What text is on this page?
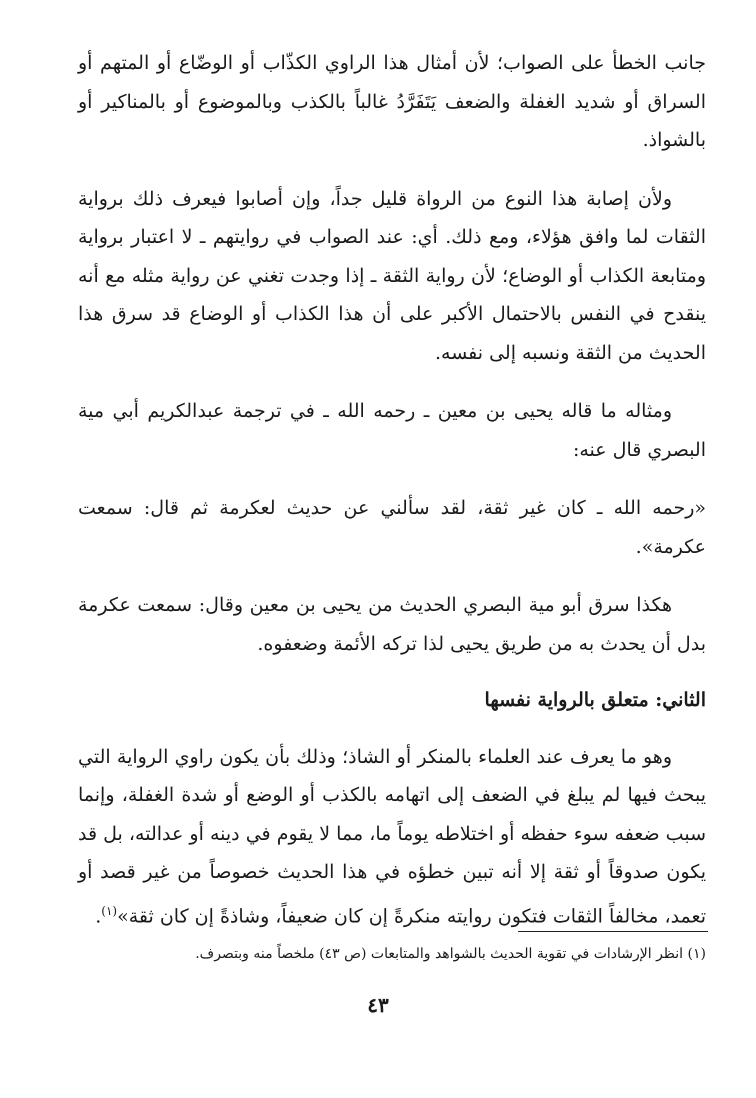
جانب الخطأ على الصواب؛ لأن أمثال هذا الراوي الكذّاب أو الوضّاع أو المتهم أو السراق أو شديد الغفلة والضعف يَتَفَرَّدُ غالباً بالكذب وبالموضوع أو بالمناكير أو بالشواذ.

ولأن إصابة هذا النوع من الرواة قليل جداً، وإن أصابوا فيعرف ذلك برواية الثقات لما وافق هؤلاء، ومع ذلك. أي: عند الصواب في روايتهم ـ لا اعتبار برواية ومتابعة الكذاب أو الوضاع؛ لأن رواية الثقة ـ إذا وجدت تغني عن رواية مثله مع أنه ينقدح في النفس بالاحتمال الأكبر على أن هذا الكذاب أو الوضاع قد سرق هذا الحديث من الثقة ونسبه إلى نفسه.

ومثاله ما قاله يحيى بن معين ـ رحمه الله ـ في ترجمة عبدالكريم أبي مية البصري قال عنه:

«رحمه الله ـ كان غير ثقة، لقد سألني عن حديث لعكرمة ثم قال: سمعت عكرمة».

هكذا سرق أبو مية البصري الحديث من يحيى بن معين وقال: سمعت عكرمة بدل أن يحدث به من طريق يحيى لذا تركه الأئمة وضعفوه.

الثاني: متعلق بالرواية نفسها

وهو ما يعرف عند العلماء بالمنكر أو الشاذ؛ وذلك بأن يكون راوي الرواية التي يبحث فيها لم يبلغ في الضعف إلى اتهامه بالكذب أو الوضع أو شدة الغفلة، وإنما سبب ضعفه سوء حفظه أو اختلاطه يوماً ما، مما لا يقوم في دينه أو عدالته، بل قد يكون صدوقاً أو ثقة إلا أنه تبين خطؤه في هذا الحديث خصوصاً من غير قصد أو تعمد، مخالفاً الثقات فتكون روايته منكرةً إن كان ضعيفاً، وشاذةً إن كان ثقة»$^{(١)}$.

(١) انظر الإرشادات في تقوية الحديث بالشواهد والمتابعات (ص ٤٣) ملخصاً منه وبتصرف.

٤٣
